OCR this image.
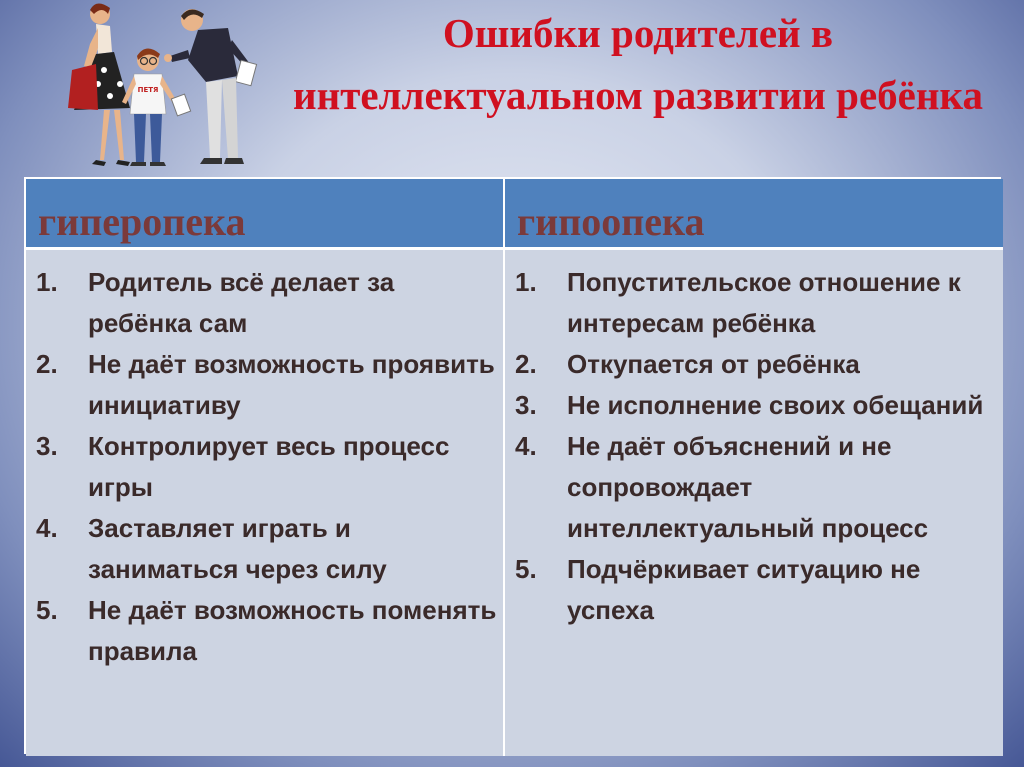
Ошибки родителей в интеллектуальном развитии ребёнка
ПЕТЯ
гиперопека	гипоопека
1.	Родитель всё делает за ребёнка сам
2.	Не даёт возможность проявить инициативу
3.	Контролирует весь процесс игры
4.	Заставляет играть и заниматься через силу
5.	Не даёт возможность поменять правила
1.	Попустительское отношение к интересам ребёнка
2.	Откупается от ребёнка
3.	Не исполнение своих обещаний
4.	Не даёт объяснений и не сопровождает интеллектуальный процесс
5.	Подчёркивает ситуацию не успеха
